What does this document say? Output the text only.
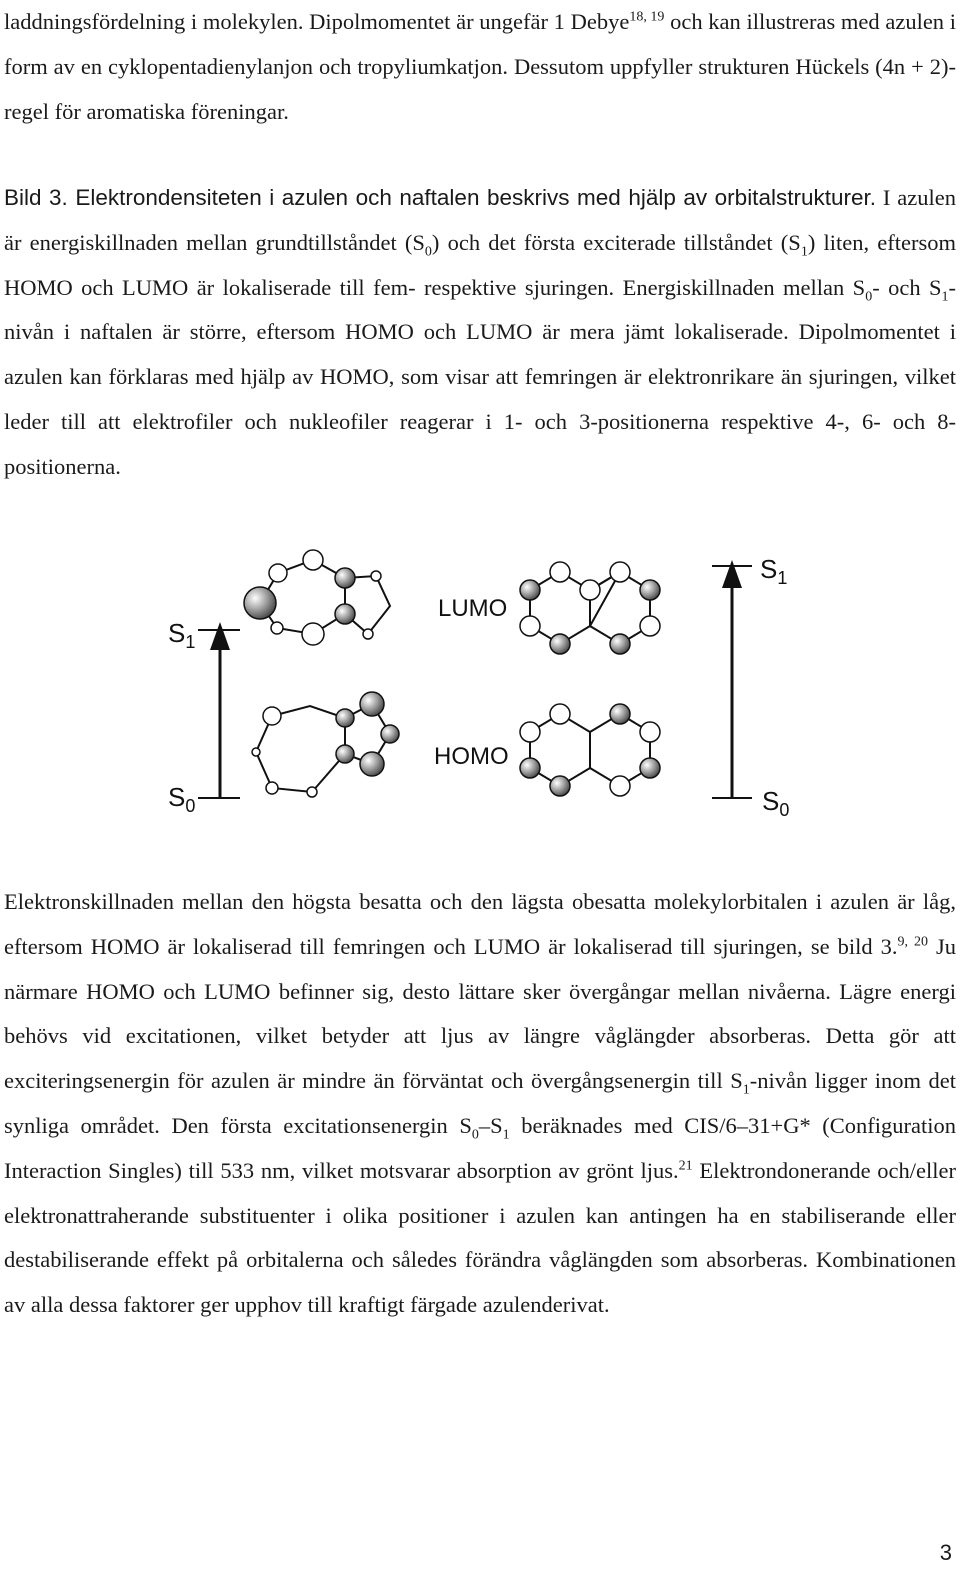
laddningsfördelning i molekylen. Dipolmomentet är ungefär 1 Debye$^{18, 19}$ och kan illustreras med azulen i form av en cyklopentadienylanjon och tropyliumkatjon. Dessutom uppfyller strukturen Hückels (4n + 2)-regel för aromatiska föreningar.

Bild 3. Elektrondensiteten i azulen och naftalen beskrivs med hjälp av orbitalstrukturer. I azulen är energiskillnaden mellan grundtillståndet $(S_0)$ och det första exciterade tillståndet $(S_1)$ liten, eftersom HOMO och LUMO är lokaliserade till fem- respektive sjuringen. Energiskillnaden mellan $S_0-$ och $S_1$-nivån i naftalen är större, eftersom HOMO och LUMO är mera jämt lokaliserade. Dipolmomentet i azulen kan förklaras med hjälp av HOMO, som visar att femringen är elektronrikare än sjuringen, vilket leder till att elektrofiler och nukleofiler reagerar i 1- och 3-positionerna respektive 4-, 6- och 8-positionerna.

$S_1$
$S_0$
$S_1$
$S_0$
LUMO
HOMO

Elektronskillnaden mellan den högsta besatta och den lägsta obesatta molekylorbitalen i azulen är låg, eftersom HOMO är lokaliserad till femringen och LUMO är lokaliserad till sjuringen, se bild 3.$^{9, 20}$ Ju närmare HOMO och LUMO befinner sig, desto lättare sker övergångar mellan nivåerna. Lägre energi behövs vid excitationen, vilket betyder att ljus av längre våglängder absorberas. Detta gör att exciteringsenergin för azulen är mindre än förväntat och övergångsenergin till $S_1$-nivån ligger inom det synliga området. Den första excitationsenergin $S_0-S_1$ beräknades med CIS/6–31+G* (Configuration Interaction Singles) till 533 nm, vilket motsvarar absorption av grönt ljus.$^{21}$ Elektrondonerande och/eller elektronattraherande substituenter i olika positioner i azulen kan antingen ha en stabiliserande eller destabiliserande effekt på orbitalerna och således förändra våglängden som absorberas. Kombinationen av alla dessa faktorer ger upphov till kraftigt färgade azulenderivat.

3
